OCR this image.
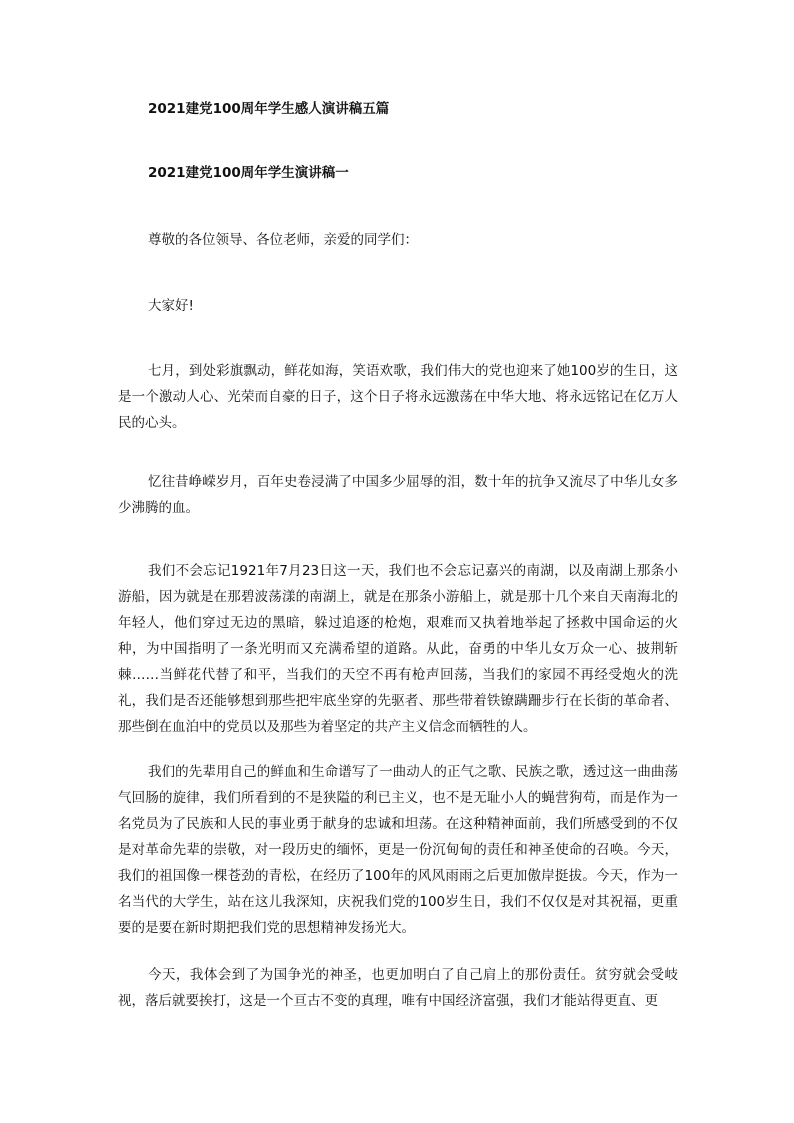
2021建党100周年学生感人演讲稿五篇
2021建党100周年学生演讲稿一
尊敬的各位领导、各位老师，亲爱的同学们：
大家好!
七月，到处彩旗飘动，鲜花如海，笑语欢歌，我们伟大的党也迎来了她100岁的生日，这是一个激动人心、光荣而自豪的日子，这个日子将永远激荡在中华大地、将永远铭记在亿万人民的心头。
忆往昔峥嵘岁月，百年史卷浸满了中国多少屈辱的泪，数十年的抗争又流尽了中华儿女多少沸腾的血。
我们不会忘记1921年7月23日这一天，我们也不会忘记嘉兴的南湖，以及南湖上那条小游船，因为就是在那碧波荡漾的南湖上，就是在那条小游船上，就是那十几个来自天南海北的年轻人，他们穿过无边的黑暗，躲过追逐的枪炮，艰难而又执着地举起了拯救中国命运的火种，为中国指明了一条光明而又充满希望的道路。从此，奋勇的中华儿女万众一心、披荆斩棘……当鲜花代替了和平，当我们的天空不再有枪声回荡，当我们的家园不再经受炮火的洗礼，我们是否还能够想到那些把牢底坐穿的先驱者、那些带着铁镣蹒跚步行在长街的革命者、那些倒在血泊中的党员以及那些为着坚定的共产主义信念而牺牲的人。
我们的先辈用自己的鲜血和生命谱写了一曲动人的正气之歌、民族之歌，透过这一曲曲荡气回肠的旋律，我们所看到的不是狭隘的利已主义，也不是无耻小人的蝇营狗苟，而是作为一名党员为了民族和人民的事业勇于献身的忠诚和坦荡。在这种精神面前，我们所感受到的不仅是对革命先辈的崇敬，对一段历史的缅怀，更是一份沉甸甸的责任和神圣使命的召唤。今天，我们的祖国像一棵苍劲的青松，在经历了100年的风风雨雨之后更加傲岸挺拔。今天，作为一名当代的大学生，站在这儿我深知，庆祝我们党的100岁生日，我们不仅仅是对其祝福，更重要的是要在新时期把我们党的思想精神发扬光大。
今天，我体会到了为国争光的神圣，也更加明白了自己肩上的那份责任。贫穷就会受岐视，落后就要挨打，这是一个亘古不变的真理，唯有中国经济富强，我们才能站得更直、更
